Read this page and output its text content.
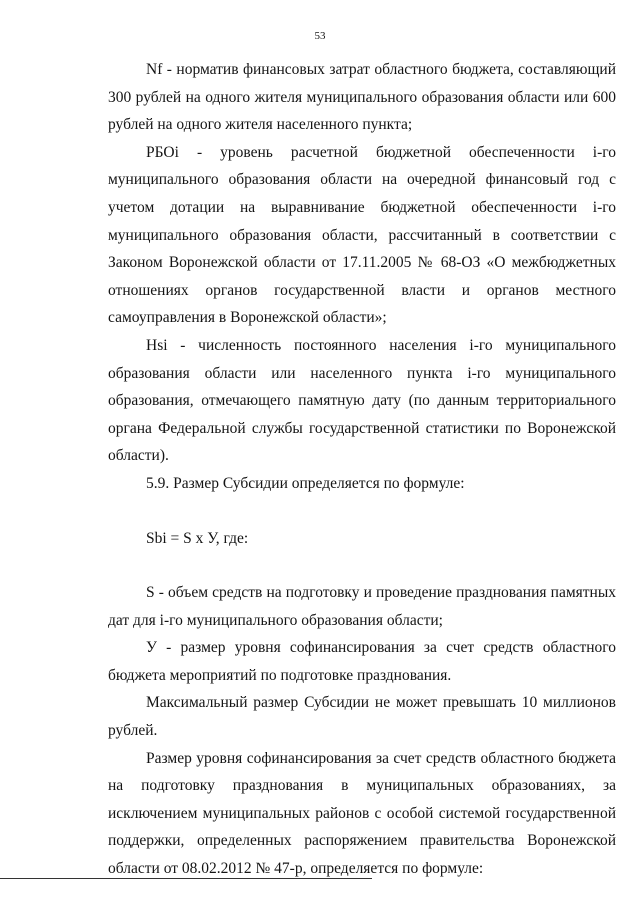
53

Nf - норматив финансовых затрат областного бюджета, составляющий 300 рублей на одного жителя муниципального образования области или 600 рублей на одного жителя населенного пункта;

РБОi - уровень расчетной бюджетной обеспеченности i-го муниципального образования области на очередной финансовый год с учетом дотации на выравнивание бюджетной обеспеченности i-го муниципального образования области, рассчитанный в соответствии с Законом Воронежской области от 17.11.2005 № 68-ОЗ «О межбюджетных отношениях органов государственной власти и органов местного самоуправления в Воронежской области»;

Hsi - численность постоянного населения i-го муниципального образования области или населенного пункта i-го муниципального образования, отмечающего памятную дату (по данным территориального органа Федеральной службы государственной статистики по Воронежской области).

5.9. Размер Субсидии определяется по формуле:

Sbi = S x У, где:

S - объем средств на подготовку и проведение празднования памятных дат для i-го муниципального образования области;

У - размер уровня софинансирования за счет средств областного бюджета мероприятий по подготовке празднования.

Максимальный размер Субсидии не может превышать 10 миллионов рублей.

Размер уровня софинансирования за счет средств областного бюджета на подготовку празднования в муниципальных образованиях, за исключением муниципальных районов с особой системой государственной поддержки, определенных распоряжением правительства Воронежской области от 08.02.2012 № 47-р, определяется по формуле:
